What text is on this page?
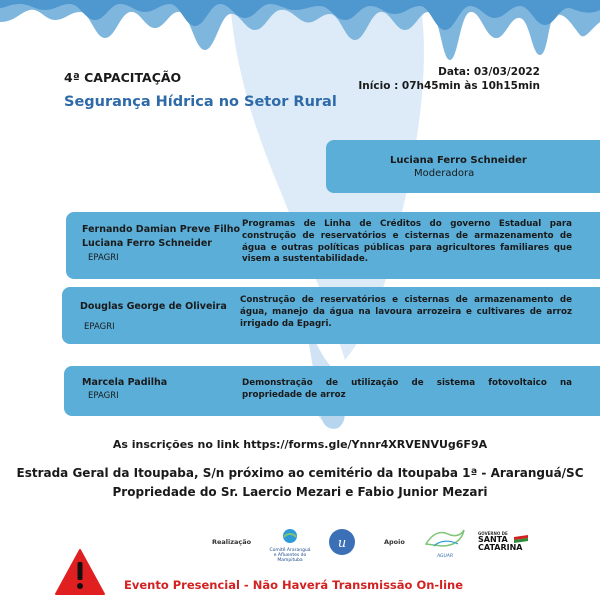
4ª CAPACITAÇÃO
Segurança Hídrica no Setor Rural
Data: 03/03/2022
Início : 07h45min às 10h15min
Luciana Ferro Schneider
Moderadora
Fernando Damian Preve Filho
Luciana Ferro Schneider
EPAGRI
Programas de Linha de Créditos do governo Estadual para construção de reservatórios e cisternas de armazenamento de água e outras políticas públicas para agricultores familiares que visem a sustentabilidade.
Douglas George de Oliveira
EPAGRI
Construção de reservatórios e cisternas de armazenamento de água, manejo da água na lavoura arrozeira e cultivares de arroz irrigado da Epagri.
Marcela Padilha
EPAGRI
Demonstração de utilização de sistema fotovoltaico na propriedade de arroz
As inscrições no link https://forms.gle/Ynnr4XRVENVUg6F9A
Estrada Geral da Itoupaba, S/n próximo ao cemitério da Itoupaba 1ª - Araranguá/SC
Propriedade do Sr. Laercio Mezari e Fabio Junior Mezari
Realização
Comitê Araranguá e Afluentes do Mampituba
u	Apoio
AGUAR
GOVERNO DE
SANTA
CATARINA
Evento Presencial - Não Haverá Transmissão On-line
